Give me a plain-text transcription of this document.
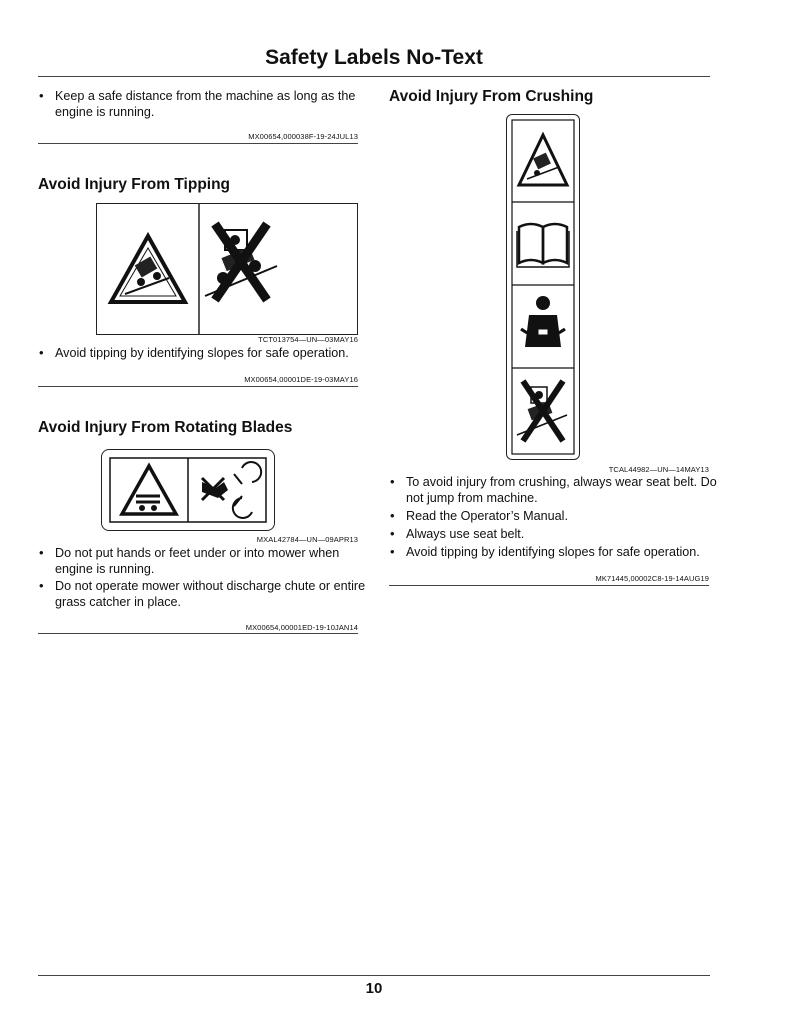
Safety Labels No-Text
• Keep a safe distance from the machine as long as the engine is running.
MX00654,000038F-19-24JUL13
Avoid Injury From Tipping
TCT013754—UN—03MAY16
• Avoid tipping by identifying slopes for safe operation.
MX00654,00001DE-19-03MAY16
Avoid Injury From Rotating Blades
MXAL42784—UN—09APR13
• Do not put hands or feet under or into mower when engine is running.
• Do not operate mower without discharge chute or entire grass catcher in place.
MX00654,00001ED-19-10JAN14
Avoid Injury From Crushing
TCAL44982—UN—14MAY13
• To avoid injury from crushing, always wear seat belt. Do not jump from machine.
• Read the Operator’s Manual.
• Always use seat belt.
• Avoid tipping by identifying slopes for safe operation.
MK71445,00002C8-19-14AUG19
10
